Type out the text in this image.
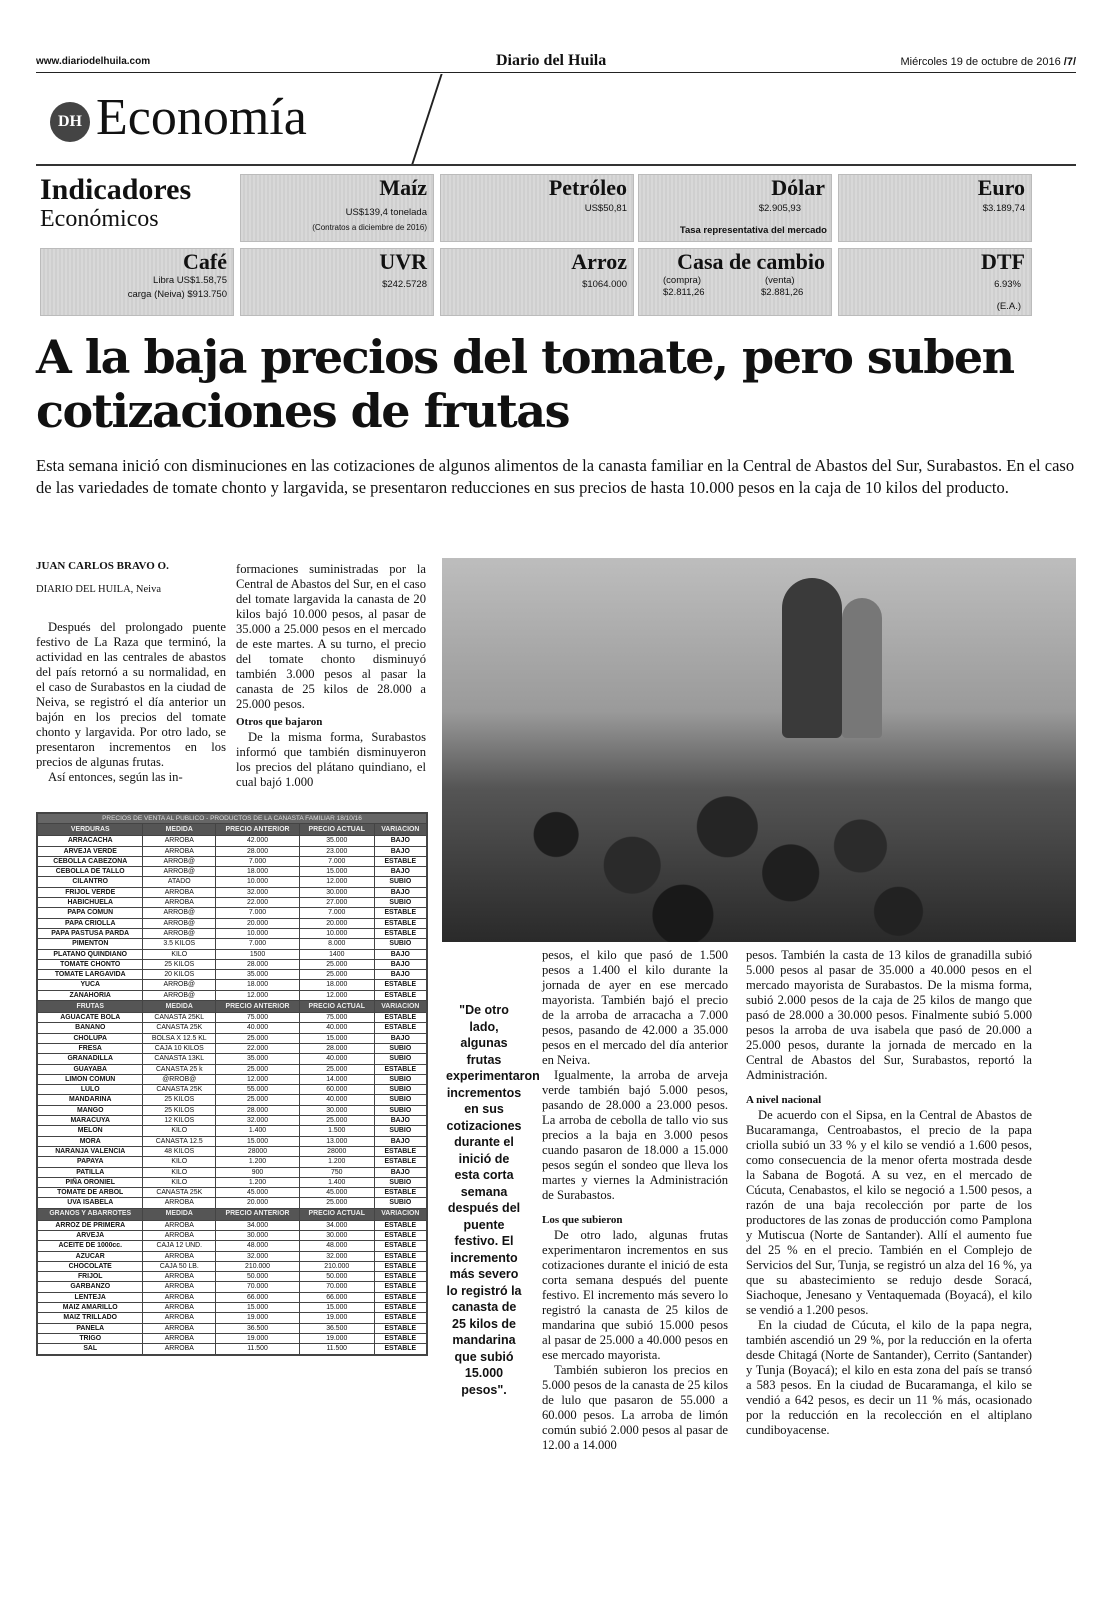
www.diariodelhuila.com	Diario del Huila	Miércoles 19 de octubre de 2016 /7/
DH Economía
Indicadores
Económicos
Maíz
US$139,4 tonelada
(Contratos a diciembre de 2016)
Petróleo
US$50,81
Dólar
$2.905,93
Tasa representativa del mercado
Euro
$3.189,74
Café
Libra US$1.58,75
carga (Neiva) $913.750
UVR
$242.5728
Arroz
$1064.000
Casa de cambio
(compra)	(venta)
$2.811,26	$2.881,26
DTF
6.93%
(E.A.)
A la baja precios del tomate, pero suben cotizaciones de frutas
Esta semana inició con disminuciones en las cotizaciones de algunos alimentos de la canasta familiar en la Central de Abastos del Sur, Surabastos. En el caso de las variedades de tomate chonto y largavida, se presentaron reducciones en sus precios de hasta 10.000 pesos en la caja de 10 kilos del producto.
JUAN CARLOS BRAVO O.
DIARIO DEL HUILA, Neiva

Después del prolongado puente festivo de La Raza que terminó, la actividad en las centrales de abastos del país retornó a su normalidad, en el caso de Surabastos en la ciudad de Neiva, se registró el día anterior un bajón en los precios del tomate chonto y largavida. Por otro lado, se presentaron incrementos en los precios de algunas frutas.

Así entonces, según las in-

formaciones suministradas por la Central de Abastos del Sur, en el caso del tomate largavida la canasta de 20 kilos bajó 10.000 pesos, al pasar de 35.000 a 25.000 pesos en el mercado de este martes. A su turno, el precio del tomate chonto disminuyó también 3.000 pesos al pasar la canasta de 25 kilos de 28.000 a 25.000 pesos.

Otros que bajaron

De la misma forma, Surabastos informó que también disminuyeron los precios del plátano quindiano, el cual bajó 1.000

PRECIOS DE VENTA AL PUBLICO - PRODUCTOS DE LA CANASTA FAMILIAR 18/10/16				
VERDURAS	MEDIDA	PRECIO ANTERIOR	PRECIO ACTUAL	VARIACION
ARRACACHA	ARROBA	42.000	35.000	BAJO
ARVEJA VERDE	ARROBA	28.000	23.000	BAJO
CEBOLLA CABEZONA	ARROB@	7.000	7.000	ESTABLE
CEBOLLA DE TALLO	ARROB@	18.000	15.000	BAJO
CILANTRO	ATADO	10.000	12.000	SUBIO
FRIJOL VERDE	ARROBA	32.000	30.000	BAJO
HABICHUELA	ARROBA	22.000	27.000	SUBIO
PAPA COMUN	ARROB@	7.000	7.000	ESTABLE
PAPA CRIOLLA	ARROB@	20.000	20.000	ESTABLE
PAPA PASTUSA PARDA	ARROB@	10.000	10.000	ESTABLE
PIMENTON	3.5 KILOS	7.000	8.000	SUBIO
PLATANO QUINDIANO	KILO	1500	1400	BAJO
TOMATE CHONTO	25 KILOS	28.000	25.000	BAJO
TOMATE LARGAVIDA	20 KILOS	35.000	25.000	BAJO
YUCA	ARROB@	18.000	18.000	ESTABLE
ZANAHORIA	ARROB@	12.000	12.000	ESTABLE
FRUTAS	MEDIDA	PRECIO ANTERIOR	PRECIO ACTUAL	VARIACION
AGUACATE BOLA	CANASTA 25KL	75.000	75.000	ESTABLE
BANANO	CANASTA 25K	40.000	40.000	ESTABLE
CHOLUPA	BOLSA X 12.5 KL	25.000	15.000	BAJO
FRESA	CAJA 10 KILOS	22.000	28.000	SUBIO
GRANADILLA	CANASTA 13KL	35.000	40.000	SUBIO
GUAYABA	CANASTA 25 k	25.000	25.000	ESTABLE
LIMON COMUN	@RROB@	12.000	14.000	SUBIO
LULO	CANASTA 25K	55.000	60.000	SUBIO
MANDARINA	25 KILOS	25.000	40.000	SUBIO
MANGO	25 KILOS	28.000	30.000	SUBIO
MARACUYA	12 KILOS	32.000	25.000	BAJO
MELON	KILO	1.400	1.500	SUBIO
MORA	CANASTA 12.5	15.000	13.000	BAJO
NARANJA VALENCIA	48 KILOS	28000	28000	ESTABLE
PAPAYA	KILO	1.200	1.200	ESTABLE
PATILLA	KILO	900	750	BAJO
PIÑA ORONIEL	KILO	1.200	1.400	SUBIO
TOMATE DE ARBOL	CANASTA 25K	45.000	45.000	ESTABLE
UVA ISABELA	ARROBA	20.000	25.000	SUBIO
GRANOS Y ABARROTES	MEDIDA	PRECIO ANTERIOR	PRECIO ACTUAL	VARIACION
ARROZ DE PRIMERA	ARROBA	34.000	34.000	ESTABLE
ARVEJA	ARROBA	30.000	30.000	ESTABLE
ACEITE DE 1000cc.	CAJA 12 UND.	48.000	48.000	ESTABLE
AZUCAR	ARROBA	32.000	32.000	ESTABLE
CHOCOLATE	CAJA 50 LB.	210.000	210.000	ESTABLE
FRIJOL	ARROBA	50.000	50.000	ESTABLE
GARBANZO	ARROBA	70.000	70.000	ESTABLE
LENTEJA	ARROBA	66.000	66.000	ESTABLE
MAIZ AMARILLO	ARROBA	15.000	15.000	ESTABLE
MAIZ TRILLADO	ARROBA	19.000	19.000	ESTABLE
PANELA	ARROBA	36.500	36.500	ESTABLE
TRIGO	ARROBA	19.000	19.000	ESTABLE
SAL	ARROBA	11.500	11.500	ESTABLE
"De otro lado, algunas frutas experimentaron incrementos en sus cotizaciones durante el inició de esta corta semana después del puente festivo. El incremento más severo lo registró la canasta de 25 kilos de mandarina que subió 15.000 pesos".

pesos, el kilo que pasó de 1.500 pesos a 1.400 el kilo durante la jornada de ayer en ese mercado mayorista. También bajó el precio de la arroba de arracacha a 7.000 pesos, pasando de 42.000 a 35.000 pesos en el mercado del día anterior en Neiva.

Igualmente, la arroba de arveja verde también bajó 5.000 pesos, pasando de 28.000 a 23.000 pesos. La arroba de cebolla de tallo vio sus precios a la baja en 3.000 pesos cuando pasaron de 18.000 a 15.000 pesos según el sondeo que lleva los martes y viernes la Administración de Surabastos.

Los que subieron

De otro lado, algunas frutas experimentaron incrementos en sus cotizaciones durante el inició de esta corta semana después del puente festivo. El incremento más severo lo registró la canasta de 25 kilos de mandarina que subió 15.000 pesos al pasar de 25.000 a 40.000 pesos en ese mercado mayorista.

También subieron los precios en 5.000 pesos de la canasta de 25 kilos de lulo que pasaron de 55.000 a 60.000 pesos. La arroba de limón común subió 2.000 pesos al pasar de 12.00 a 14.000

pesos. También la casta de 13 kilos de granadilla subió 5.000 pesos al pasar de 35.000 a 40.000 pesos en el mercado mayorista de Surabastos. De la misma forma, subió 2.000 pesos de la caja de 25 kilos de mango que pasó de 28.000 a 30.000 pesos. Finalmente subió 5.000 pesos la arroba de uva isabela que pasó de 20.000 a 25.000 pesos, durante la jornada de mercado en la Central de Abastos del Sur, Surabastos, reportó la Administración.

A nivel nacional

De acuerdo con el Sipsa, en la Central de Abastos de Bucaramanga, Centroabastos, el precio de la papa criolla subió un 33 % y el kilo se vendió a 1.600 pesos, como consecuencia de la menor oferta mostrada desde la Sabana de Bogotá. A su vez, en el mercado de Cúcuta, Cenabastos, el kilo se negoció a 1.500 pesos, a razón de una baja recolección por parte de los productores de las zonas de producción como Pamplona y Mutiscua (Norte de Santander). Allí el aumento fue del 25 % en el precio. También en el Complejo de Servicios del Sur, Tunja, se registró un alza del 16 %, ya que su abastecimiento se redujo desde Soracá, Siachoque, Jenesano y Ventaquemada (Boyacá), el kilo se vendió a 1.200 pesos.

En la ciudad de Cúcuta, el kilo de la papa negra, también ascendió un 29 %, por la reducción en la oferta desde Chitagá (Norte de Santander), Cerrito (Santander) y Tunja (Boyacá); el kilo en esta zona del país se transó a 583 pesos. En la ciudad de Bucaramanga, el kilo se vendió a 642 pesos, es decir un 11 % más, ocasionado por la reducción en la recolección en el altiplano cundiboyacense.
